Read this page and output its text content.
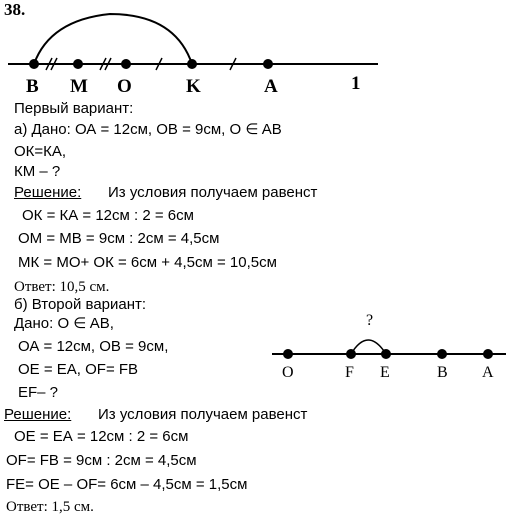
38.
B M O	K	A	1
Первый вариант:
а) Дано: ОА = 12см, ОВ = 9см, O ∈ AB
ОК=КА,
КМ – ?
Решение: Из условия получаем равенст
ОК = КА = 12см : 2 = 6см
ОМ = МВ = 9см : 2см = 4,5см
МК = МО+ ОК = 6см + 4,5см = 10,5см
Ответ: 10,5 см.
б) Второй вариант:
Дано: O ∈ AB,
ОА = 12см, ОВ = 9см,
ОЕ = ЕА, OF= FB
EF– ?
Решение: Из условия получаем равенст
ОЕ = ЕА = 12см : 2 = 6см
OF= FB = 9см : 2см = 4,5см
FE= OE – OF= 6см – 4,5см = 1,5см
Ответ: 1,5 см.
?
O	F E	B A
